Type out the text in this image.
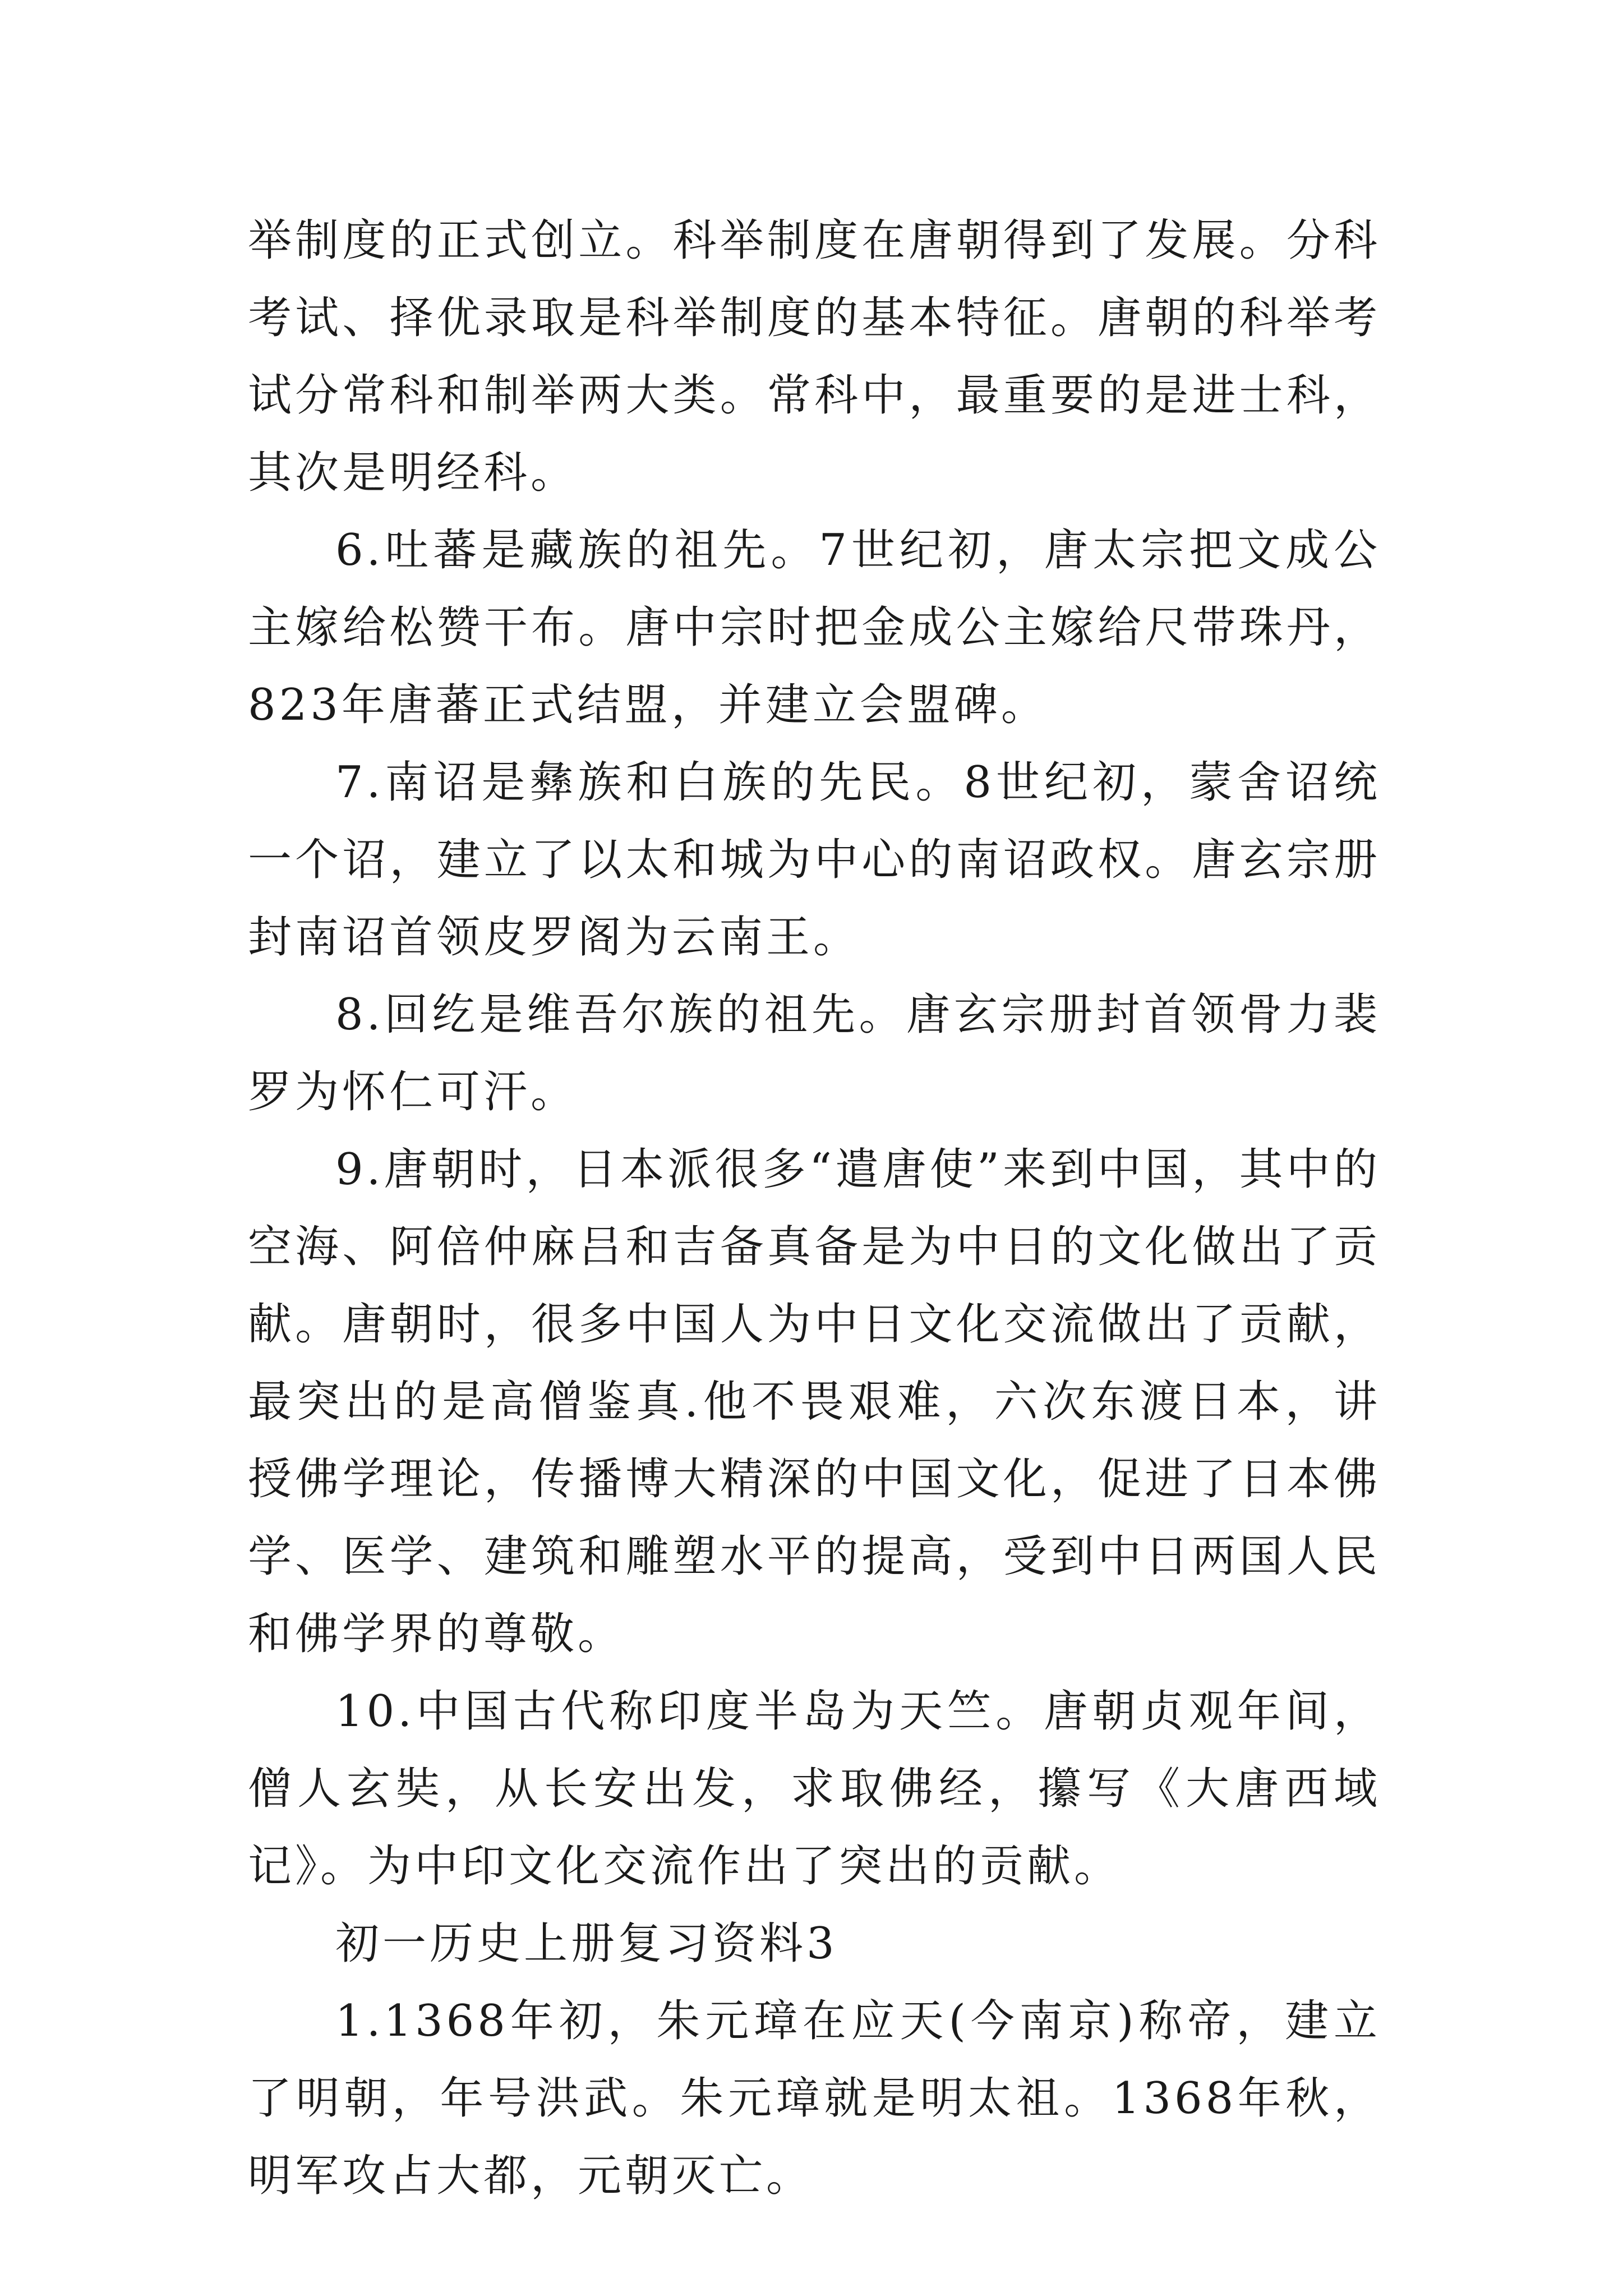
举制度的正式创立。科举制度在唐朝得到了发展。分科考试、择优录取是科举制度的基本特征。唐朝的科举考试分常科和制举两大类。常科中，最重要的是进士科，其次是明经科。

6.吐蕃是藏族的祖先。7世纪初，唐太宗把文成公主嫁给松赞干布。唐中宗时把金成公主嫁给尺带珠丹，823年唐蕃正式结盟，并建立会盟碑。

7.南诏是彝族和白族的先民。8世纪初，蒙舍诏统一个诏，建立了以太和城为中心的南诏政权。唐玄宗册封南诏首领皮罗阁为云南王。

8.回纥是维吾尔族的祖先。唐玄宗册封首领骨力裴罗为怀仁可汗。

9.唐朝时，日本派很多“遣唐使”来到中国，其中的空海、阿倍仲麻吕和吉备真备是为中日的文化做出了贡献。唐朝时，很多中国人为中日文化交流做出了贡献，最突出的是高僧鉴真.他不畏艰难，六次东渡日本，讲授佛学理论，传播博大精深的中国文化，促进了日本佛学、医学、建筑和雕塑水平的提高，受到中日两国人民和佛学界的尊敬。

10.中国古代称印度半岛为天竺。唐朝贞观年间，僧人玄奘，从长安出发，求取佛经，攥写《大唐西域记》。为中印文化交流作出了突出的贡献。

初一历史上册复习资料3

1.1368年初，朱元璋在应天(今南京)称帝，建立了明朝，年号洪武。朱元璋就是明太祖。1368年秋，明军攻占大都，元朝灭亡。
